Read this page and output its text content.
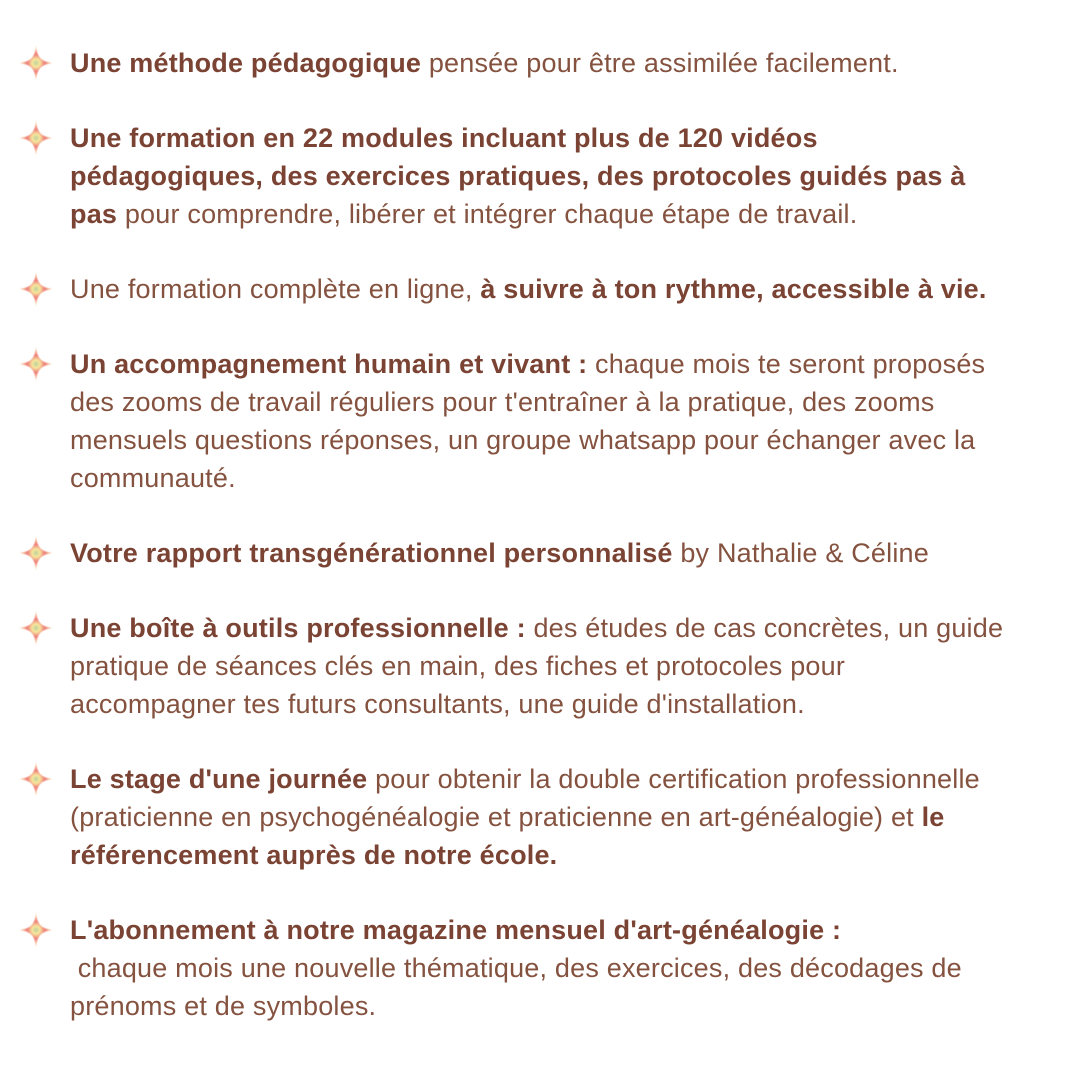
Une méthode pédagogique pensée pour être assimilée facilement.

Une formation en 22 modules incluant plus de 120 vidéos pédagogiques, des exercices pratiques, des protocoles guidés pas à pas pour comprendre, libérer et intégrer chaque étape de travail.

Une formation complète en ligne, à suivre à ton rythme, accessible à vie.

Un accompagnement humain et vivant : chaque mois te seront proposés des zooms de travail réguliers pour t'entraîner à la pratique, des zooms mensuels questions réponses, un groupe whatsapp pour échanger avec la communauté.

Votre rapport transgénérationnel personnalisé by Nathalie & Céline

Une boîte à outils professionnelle : des études de cas concrètes, un guide pratique de séances clés en main, des fiches et protocoles pour accompagner tes futurs consultants, une guide d'installation.

Le stage d'une journée pour obtenir la double certification professionnelle (praticienne en psychogénéalogie et praticienne en art-généalogie) et le référencement auprès de notre école.

L'abonnement à notre magazine mensuel d'art-généalogie :
chaque mois une nouvelle thématique, des exercices, des décodages de prénoms et de symboles.
